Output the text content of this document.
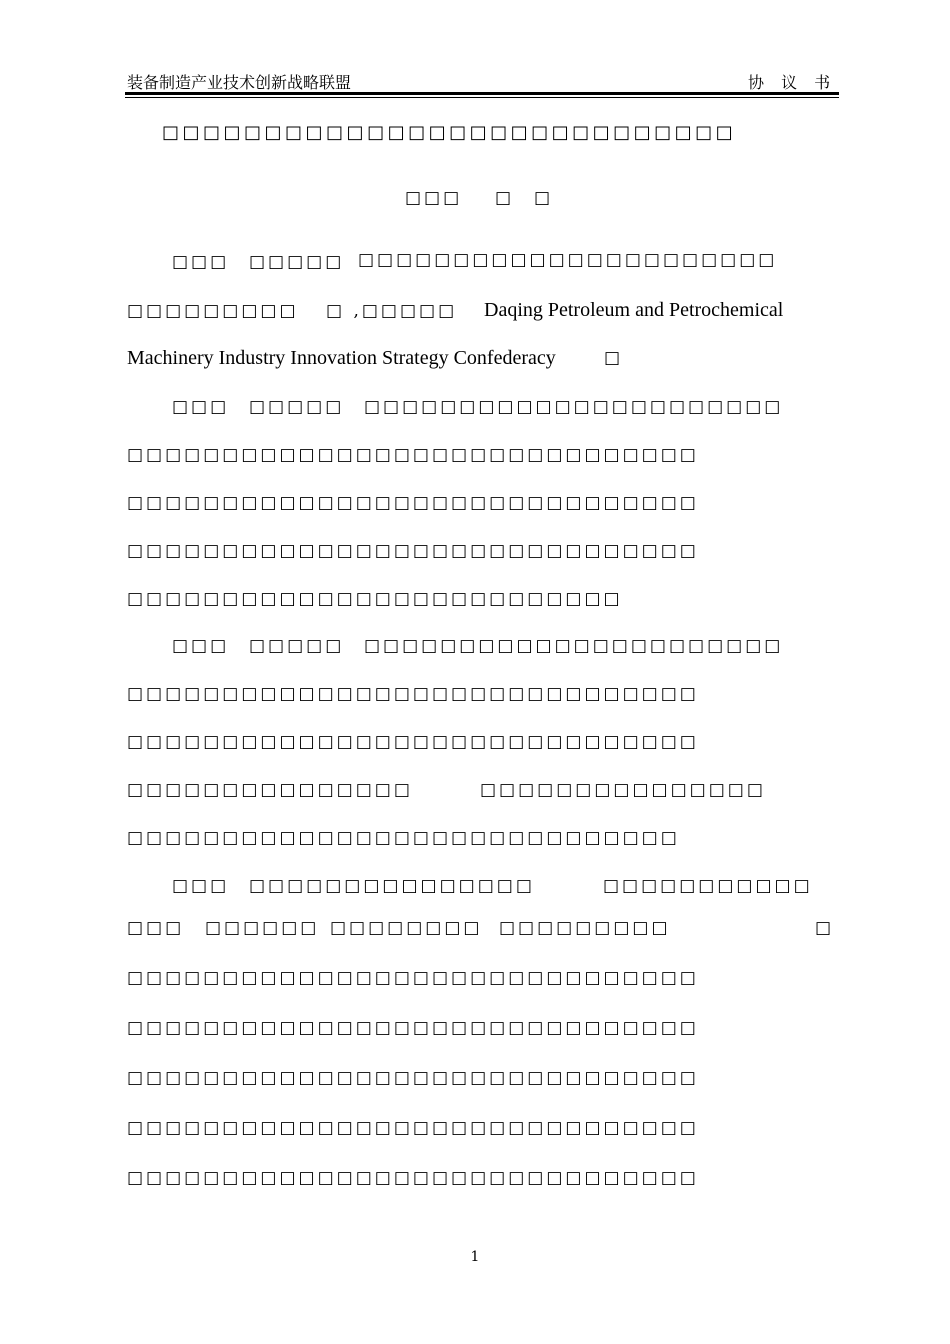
装备制造产业技术创新战略联盟	协 议 书
□□□□□□□□□□□□□□□□□□□□□□□□□□□□
□□□ □　□
□□□ □□□□□ □□□□□□□□□□□□□□□□□□□□□□
□□□□□□□□□ □ ,□□□□□ Daqing Petroleum and Petrochemical
Machinery Industry Innovation Strategy Confederacy	□
□□□ □□□□□ □□□□□□□□□□□□□□□□□□□□□□
□□□□□□□□□□□□□□□□□□□□□□□□□□□□□□
□□□□□□□□□□□□□□□□□□□□□□□□□□□□□□
□□□□□□□□□□□□□□□□□□□□□□□□□□□□□□
□□□□□□□□□□□□□□□□□□□□□□□□□□
□□□ □□□□□ □□□□□□□□□□□□□□□□□□□□□□
□□□□□□□□□□□□□□□□□□□□□□□□□□□□□□
□□□□□□□□□□□□□□□□□□□□□□□□□□□□□□
□□□□□□□□□□□□□□□	□□□□□□□□□□□□□□□
□□□□□□□□□□□□□□□□□□□□□□□□□□□□□
□□□ □□□□□□□□□□□□□□□	□□□□□□□□□□□
□□□ □□□□□□ □□□□□□□□ □□□□□□□□□	□
□□□□□□□□□□□□□□□□□□□□□□□□□□□□□□
□□□□□□□□□□□□□□□□□□□□□□□□□□□□□□
□□□□□□□□□□□□□□□□□□□□□□□□□□□□□□
□□□□□□□□□□□□□□□□□□□□□□□□□□□□□□
□□□□□□□□□□□□□□□□□□□□□□□□□□□□□□
1
